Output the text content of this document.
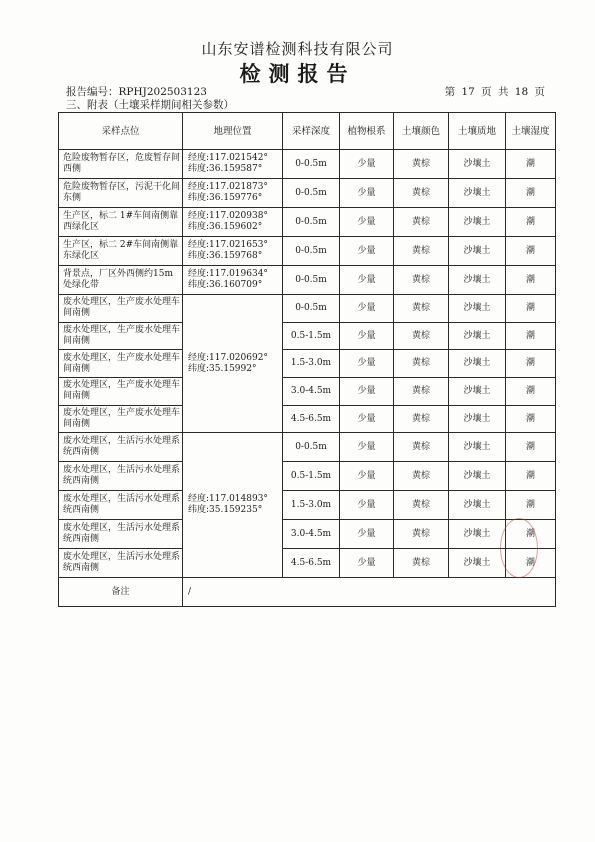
山东安谱检测科技有限公司
检测报告
报告编号：RPHJ202503123	第 17 页 共 18 页
三、附表（土壤采样期间相关参数）
采样点位	地理位置	采样深度	植物根系	土壤颜色	土壤质地	土壤湿度
危险废物暂存区，危废暂存间西侧	经度:117.021542°
纬度:36.159587°	0-0.5m	少量	黄棕	沙壤土	潮
危险废物暂存区，污泥干化间东侧	经度:117.021873°
纬度:36.159776°	0-0.5m	少量	黄棕	沙壤土	潮
生产区，标二 1#车间南侧靠西绿化区	经度:117.020938°
纬度:36.159602°	0-0.5m	少量	黄棕	沙壤土	潮
生产区，标二 2#车间南侧靠东绿化区	经度:117.021653°
纬度:36.159768°	0-0.5m	少量	黄棕	沙壤土	潮
背景点，厂区外西侧约15m 处绿化带	经度:117.019634°
纬度:36.160709°	0-0.5m	少量	黄棕	沙壤土	潮
废水处理区，生产废水处理车间南侧	经度:117.020692°
纬度:35.15992°	0-0.5m	少量	黄棕	沙壤土	潮
废水处理区，生产废水处理车间南侧		0.5-1.5m	少量	黄棕	沙壤土	潮
废水处理区，生产废水处理车间南侧		1.5-3.0m	少量	黄棕	沙壤土	潮
废水处理区，生产废水处理车间南侧		3.0-4.5m	少量	黄棕	沙壤土	潮
废水处理区，生产废水处理车间南侧		4.5-6.5m	少量	黄棕	沙壤土	潮
废水处理区，生活污水处理系统西南侧	经度:117.014893°
纬度:35.159235°	0-0.5m	少量	黄棕	沙壤土	潮
废水处理区，生活污水处理系统西南侧		0.5-1.5m	少量	黄棕	沙壤土	潮
废水处理区，生活污水处理系统西南侧		1.5-3.0m	少量	黄棕	沙壤土	潮
废水处理区，生活污水处理系统西南侧		3.0-4.5m	少量	黄棕	沙壤土	潮
废水处理区，生活污水处理系统西南侧		4.5-6.5m	少量	黄棕	沙壤土	潮
备注	/					
